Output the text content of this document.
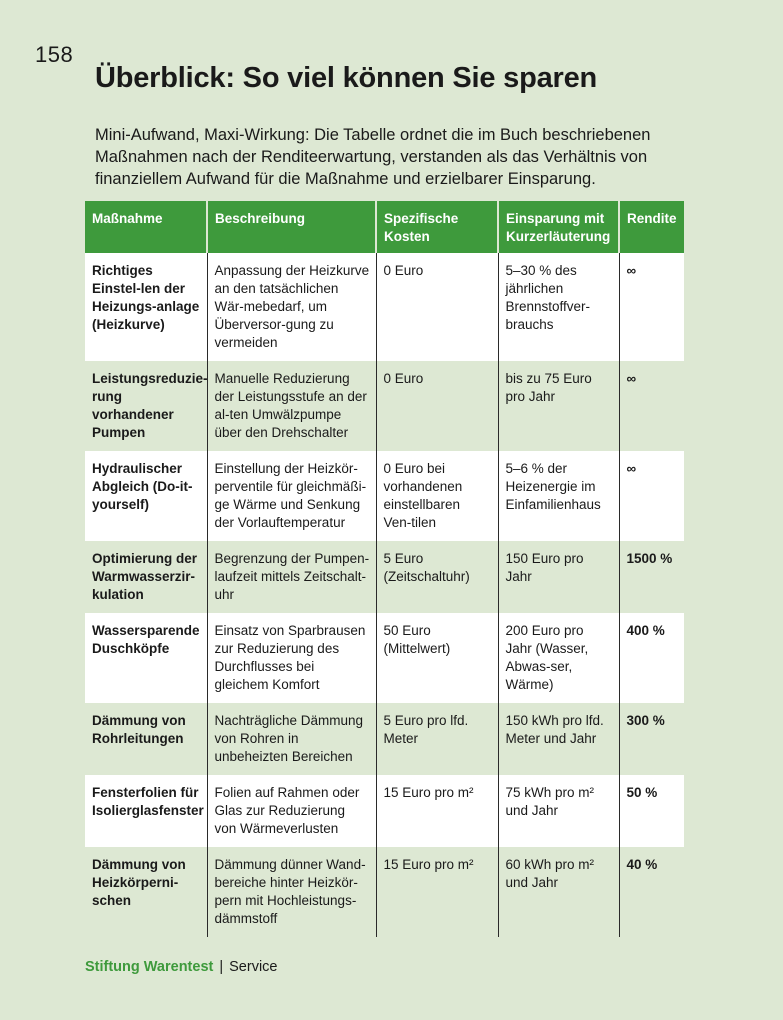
158
Überblick: So viel können Sie sparen

Mini-Aufwand, Maxi-Wirkung: Die Tabelle ordnet die im Buch beschriebenen Maßnahmen nach der Renditeerwartung, verstanden als das Verhältnis von finanziellem Aufwand für die Maßnahme und erzielbarer Einsparung.

Maßnahme	Beschreibung	Spezifische Kosten	Einsparung mit Kurzerläuterung	Rendite
Richtiges Einstel-len der Heizungs-anlage (Heizkurve)	Anpassung der Heizkurve an den tatsächlichen Wär-mebedarf, um Überversor-gung zu vermeiden	0 Euro	5–30 % des jährlichen Brennstoffver-brauchs	∞
Leistungsreduzie-rung vorhandener Pumpen	Manuelle Reduzierung der Leistungsstufe an der al-ten Umwälzpumpe über den Drehschalter	0 Euro	bis zu 75 Euro pro Jahr	∞
Hydraulischer Abgleich (Do-it-yourself)	Einstellung der Heizkör-perventile für gleichmäßi-ge Wärme und Senkung der Vorlauftemperatur	0 Euro bei vorhandenen einstellbaren Ven-tilen	5–6 % der Heizenergie im Einfamilienhaus	∞
Optimierung der Warmwasserzir-kulation	Begrenzung der Pumpen-laufzeit mittels Zeitschalt-uhr	5 Euro (Zeitschaltuhr)	150 Euro pro Jahr	1500 %
Wassersparende Duschköpfe	Einsatz von Sparbrausen zur Reduzierung des Durchflusses bei gleichem Komfort	50 Euro (Mittelwert)	200 Euro pro Jahr (Wasser, Abwas-ser, Wärme)	400 %
Dämmung von Rohrleitungen	Nachträgliche Dämmung von Rohren in unbeheizten Bereichen	5 Euro pro lfd. Meter	150 kWh pro lfd. Meter und Jahr	300 %
Fensterfolien für Isolierglasfenster	Folien auf Rahmen oder Glas zur Reduzierung von Wärmeverlusten	15 Euro pro m²	75 kWh pro m² und Jahr	50 %
Dämmung von Heizkörperni-schen	Dämmung dünner Wand-bereiche hinter Heizkör-pern mit Hochleistungs-dämmstoff	15 Euro pro m²	60 kWh pro m² und Jahr	40 %
Stiftung Warentest | Service
